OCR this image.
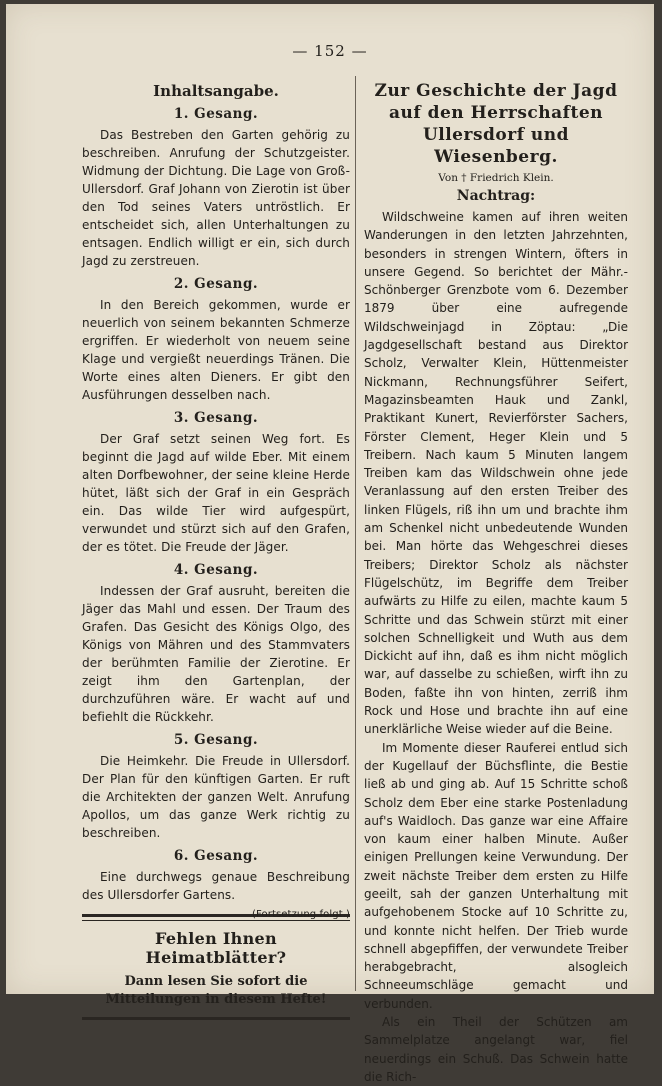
— 152 —
Inhaltsangabe.
1. Gesang.

Das Bestreben den Garten gehörig zu beschreiben. Anrufung der Schutzgeister. Widmung der Dichtung. Die Lage von Groß-Ullersdorf. Graf Johann von Zierotin ist über den Tod seines Vaters untröstlich. Er entscheidet sich, allen Unterhaltungen zu entsagen. Endlich willigt er ein, sich durch Jagd zu zerstreuen.

2. Gesang.

In den Bereich gekommen, wurde er neuerlich von seinem bekannten Schmerze ergriffen. Er wiederholt von neuem seine Klage und vergießt neuerdings Tränen. Die Worte eines alten Dieners. Er gibt den Ausführungen desselben nach.

3. Gesang.

Der Graf setzt seinen Weg fort. Es beginnt die Jagd auf wilde Eber. Mit einem alten Dorfbewohner, der seine kleine Herde hütet, läßt sich der Graf in ein Gespräch ein. Das wilde Tier wird aufgespürt, verwundet und stürzt sich auf den Grafen, der es tötet. Die Freude der Jäger.

4. Gesang.

Indessen der Graf ausruht, bereiten die Jäger das Mahl und essen. Der Traum des Grafen. Das Gesicht des Königs Olgo, des Königs von Mähren und des Stammvaters der berühmten Familie der Zierotine. Er zeigt ihm den Gartenplan, der durchzuführen wäre. Er wacht auf und befiehlt die Rückkehr.

5. Gesang.

Die Heimkehr. Die Freude in Ullersdorf. Der Plan für den künftigen Garten. Er ruft die Architekten der ganzen Welt. Anrufung Apollos, um das ganze Werk richtig zu beschreiben.

6. Gesang.

Eine durchwegs genaue Beschreibung des Ullersdorfer Gartens.
(Fortsetzung folgt.)

Fehlen Ihnen Heimatblätter?
Dann lesen Sie sofort die Mitteilungen in diesem Hefte!
Zur Geschichte der Jagd auf den Herrschaften Ullersdorf und Wiesenberg.
Von † Friedrich Klein.
Nachtrag:

Wildschweine kamen auf ihren weiten Wanderungen in den letzten Jahrzehnten, besonders in strengen Wintern, öfters in unsere Gegend. So berichtet der Mähr.-Schönberger Grenzbote vom 6. Dezember 1879 über eine aufregende Wildschweinjagd in Zöptau: „Die Jagdgesellschaft bestand aus Direktor Scholz, Verwalter Klein, Hüttenmeister Nickmann, Rechnungsführer Seifert, Magazinsbeamten Hauk und Zankl, Praktikant Kunert, Revierförster Sachers, Förster Clement, Heger Klein und 5 Treibern. Nach kaum 5 Minuten langem Treiben kam das Wildschwein ohne jede Veranlassung auf den ersten Treiber des linken Flügels, riß ihn um und brachte ihm am Schenkel nicht unbedeutende Wunden bei. Man hörte das Wehgeschrei dieses Treibers; Direktor Scholz als nächster Flügelschütz, im Begriffe dem Treiber aufwärts zu Hilfe zu eilen, machte kaum 5 Schritte und das Schwein stürzt mit einer solchen Schnelligkeit und Wuth aus dem Dickicht auf ihn, daß es ihm nicht möglich war, auf dasselbe zu schießen, wirft ihn zu Boden, faßte ihn von hinten, zerriß ihm Rock und Hose und brachte ihn auf eine unerklärliche Weise wieder auf die Beine.

Im Momente dieser Rauferei entlud sich der Kugellauf der Büchsflinte, die Bestie ließ ab und ging ab. Auf 15 Schritte schoß Scholz dem Eber eine starke Postenladung auf's Waidloch. Das ganze war eine Affaire von kaum einer halben Minute. Außer einigen Prellungen keine Verwundung. Der zweit nächste Treiber dem ersten zu Hilfe geeilt, sah der ganzen Unterhaltung mit aufgehobenem Stocke auf 10 Schritte zu, und konnte nicht helfen. Der Trieb wurde schnell abgepfiffen, der verwundete Treiber herabgebracht, alsogleich Schneeumschläge gemacht und verbunden.

Als ein Theil der Schützen am Sammelplatze angelangt war, fiel neuerdings ein Schuß. Das Schwein hatte die Rich-
